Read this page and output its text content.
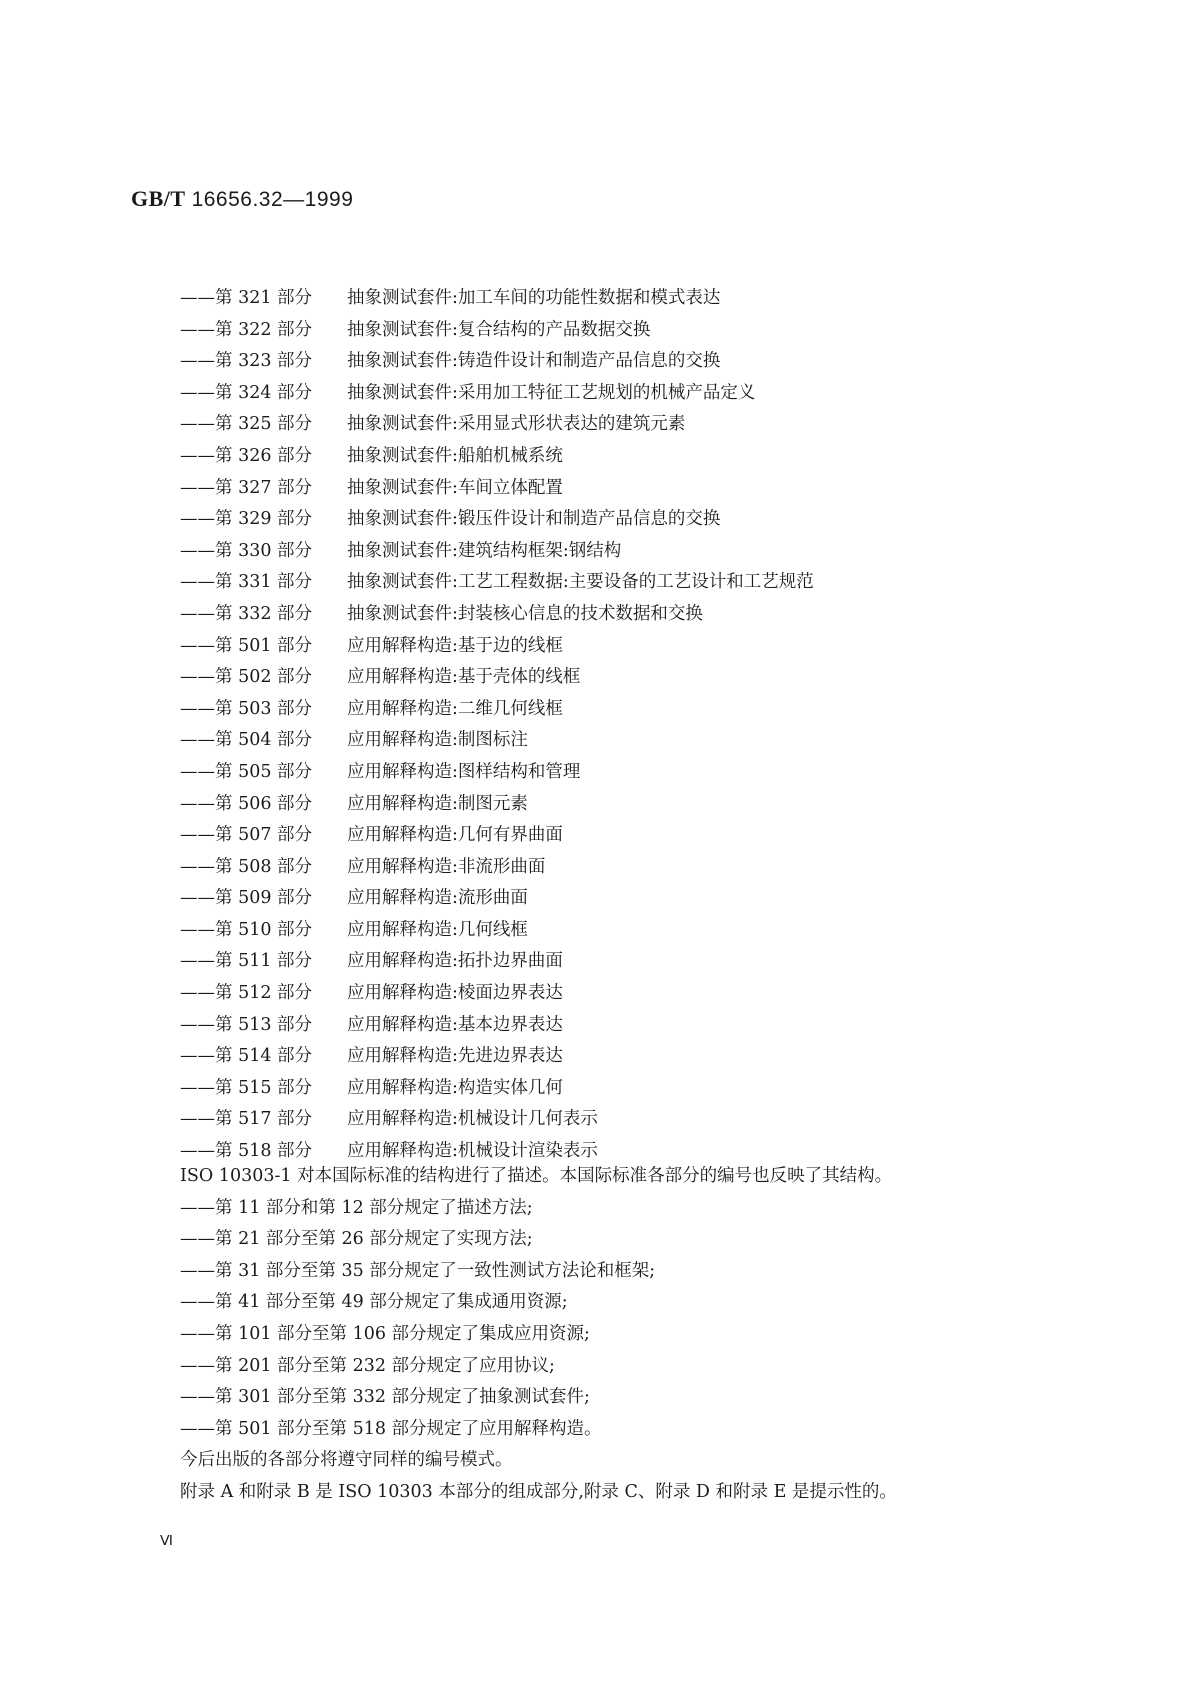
GB/T 16656.32—1999
——第 321 部分	抽象测试套件:加工车间的功能性数据和模式表达
——第 322 部分	抽象测试套件:复合结构的产品数据交换
——第 323 部分	抽象测试套件:铸造件设计和制造产品信息的交换
——第 324 部分	抽象测试套件:采用加工特征工艺规划的机械产品定义
——第 325 部分	抽象测试套件:采用显式形状表达的建筑元素
——第 326 部分	抽象测试套件:船舶机械系统
——第 327 部分	抽象测试套件:车间立体配置
——第 329 部分	抽象测试套件:锻压件设计和制造产品信息的交换
——第 330 部分	抽象测试套件:建筑结构框架:钢结构
——第 331 部分	抽象测试套件:工艺工程数据:主要设备的工艺设计和工艺规范
——第 332 部分	抽象测试套件:封装核心信息的技术数据和交换
——第 501 部分	应用解释构造:基于边的线框
——第 502 部分	应用解释构造:基于壳体的线框
——第 503 部分	应用解释构造:二维几何线框
——第 504 部分	应用解释构造:制图标注
——第 505 部分	应用解释构造:图样结构和管理
——第 506 部分	应用解释构造:制图元素
——第 507 部分	应用解释构造:几何有界曲面
——第 508 部分	应用解释构造:非流形曲面
——第 509 部分	应用解释构造:流形曲面
——第 510 部分	应用解释构造:几何线框
——第 511 部分	应用解释构造:拓扑边界曲面
——第 512 部分	应用解释构造:棱面边界表达
——第 513 部分	应用解释构造:基本边界表达
——第 514 部分	应用解释构造:先进边界表达
——第 515 部分	应用解释构造:构造实体几何
——第 517 部分	应用解释构造:机械设计几何表示
——第 518 部分	应用解释构造:机械设计渲染表示
ISO 10303-1 对本国际标准的结构进行了描述。本国际标准各部分的编号也反映了其结构。
——第 11 部分和第 12 部分规定了描述方法;
——第 21 部分至第 26 部分规定了实现方法;
——第 31 部分至第 35 部分规定了一致性测试方法论和框架;
——第 41 部分至第 49 部分规定了集成通用资源;
——第 101 部分至第 106 部分规定了集成应用资源;
——第 201 部分至第 232 部分规定了应用协议;
——第 301 部分至第 332 部分规定了抽象测试套件;
——第 501 部分至第 518 部分规定了应用解释构造。
今后出版的各部分将遵守同样的编号模式。
附录 A 和附录 B 是 ISO 10303 本部分的组成部分,附录 C、附录 D 和附录 E 是提示性的。
Ⅵ
